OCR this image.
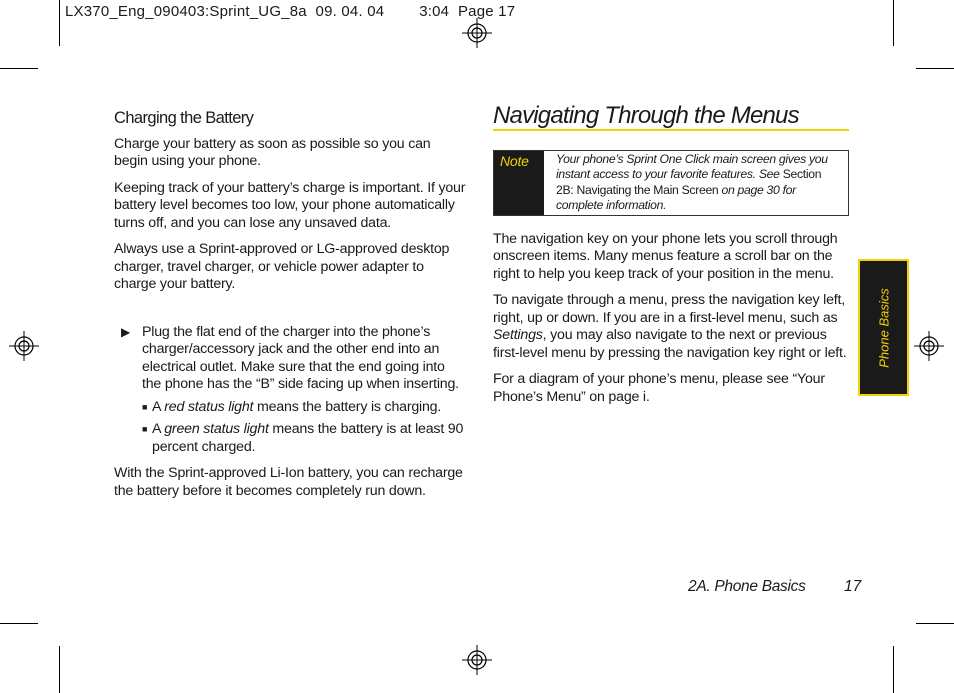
LX370_Eng_090403:Sprint_UG_8a  09. 04. 04        3:04  Page 17
Charging the Battery

Charge your battery as soon as possible so you can begin using your phone.

Keeping track of your battery’s charge is important. If your battery level becomes too low, your phone automatically turns off, and you can lose any unsaved data.

Always use a Sprint-approved or LG-approved desktop charger, travel charger, or vehicle power adapter to charge your battery.

▶ Plug the flat end of the charger into the phone’s charger/accessory jack and the other end into an electrical outlet. Make sure that the end going into the phone has the “B” side facing up when inserting.
■ A red status light means the battery is charging.
■ A green status light means the battery is at least 90 percent charged.

With the Sprint-approved Li-Ion battery, you can recharge the battery before it becomes completely run down.

Navigating Through the Menus
Note	Your phone’s Sprint One Click main screen gives you instant access to your favorite features. See Section 2B: Navigating the Main Screen on page 30 for complete information.

The navigation key on your phone lets you scroll through onscreen items. Many menus feature a scroll bar on the right to help you keep track of your position in the menu.

To navigate through a menu, press the navigation key left, right, up or down. If you are in a first-level menu, such as Settings, you may also navigate to the next or previous first-level menu by pressing the navigation key right or left.

For a diagram of your phone’s menu, please see “Your Phone’s Menu” on page i.

Phone Basics
2A. Phone Basics 17
